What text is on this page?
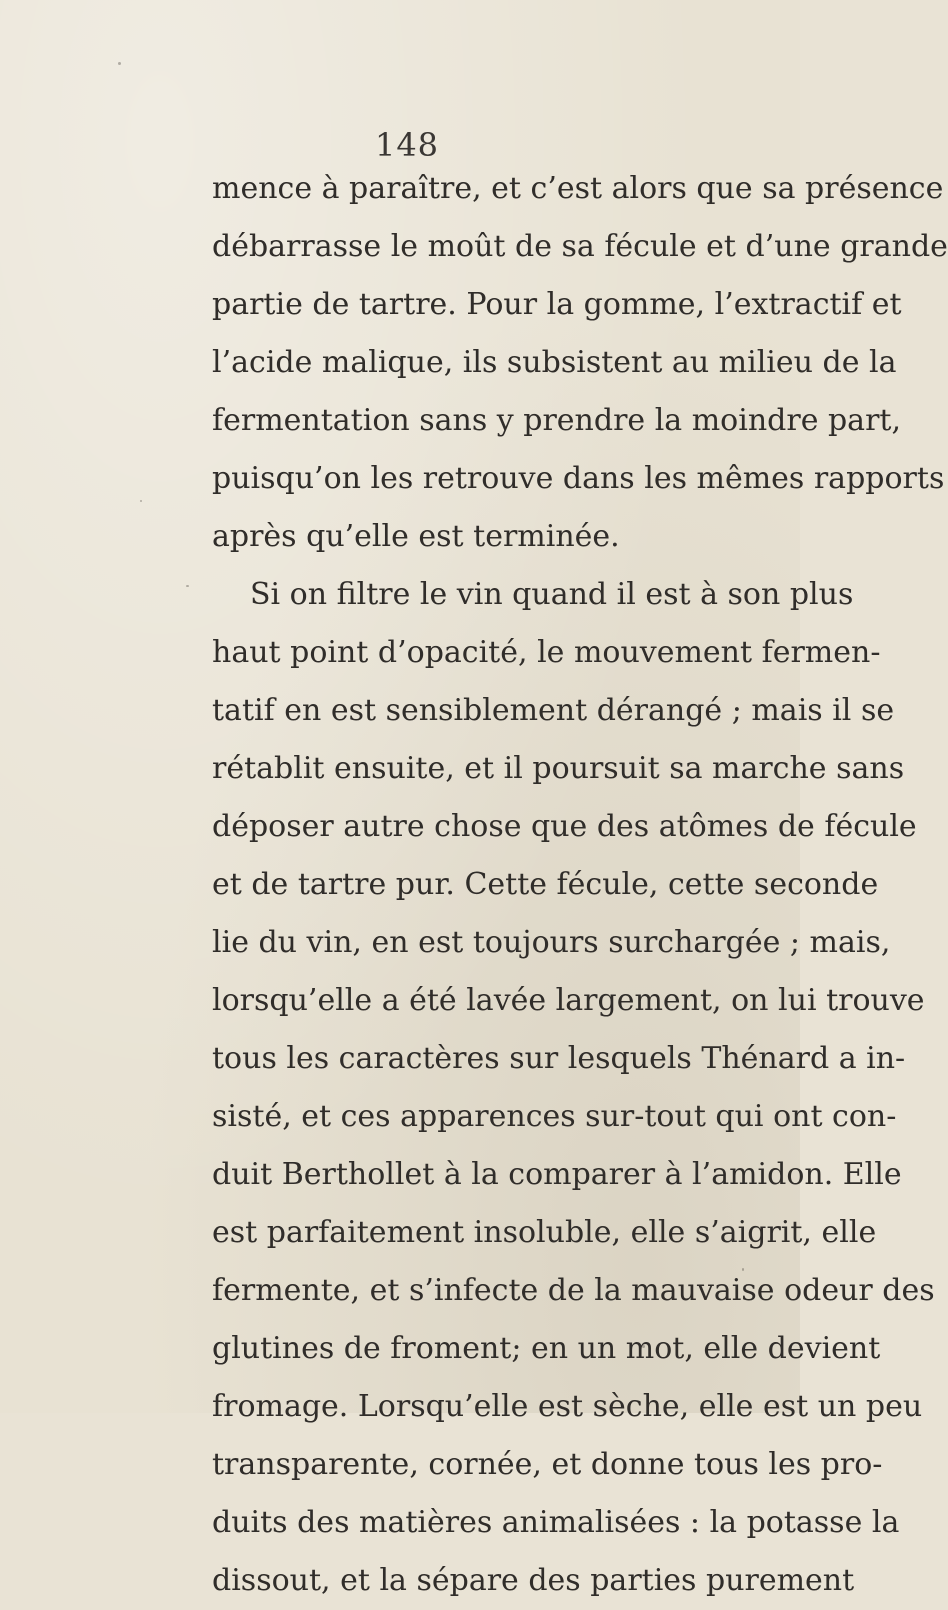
148
mence à paraître, et c’est alors que sa présence
débarrasse le moût de sa fécule et d’une grande
partie de tartre. Pour la gomme, l’extractif et
l’acide malique, ils subsistent au milieu de la
fermentation sans y prendre la moindre part,
puisqu’on les retrouve dans les mêmes rapports
après qu’elle est terminée.
Si on filtre le vin quand il est à son plus
haut point d’opacité, le mouvement fermen-
tatif en est sensiblement dérangé ; mais il se
rétablit ensuite, et il poursuit sa marche sans
déposer autre chose que des atômes de fécule
et de tartre pur. Cette fécule, cette seconde
lie du vin, en est toujours surchargée ; mais,
lorsqu’elle a été lavée largement, on lui trouve
tous les caractères sur lesquels Thénard a in-
sisté, et ces apparences sur-tout qui ont con-
duit Berthollet à la comparer à l’amidon. Elle
est parfaitement insoluble, elle s’aigrit, elle
fermente, et s’infecte de la mauvaise odeur des
glutines de froment; en un mot, elle devient
fromage. Lorsqu’elle est sèche, elle est un peu
transparente, cornée, et donne tous les pro-
duits des matières animalisées : la potasse la
dissout, et la sépare des parties purement
